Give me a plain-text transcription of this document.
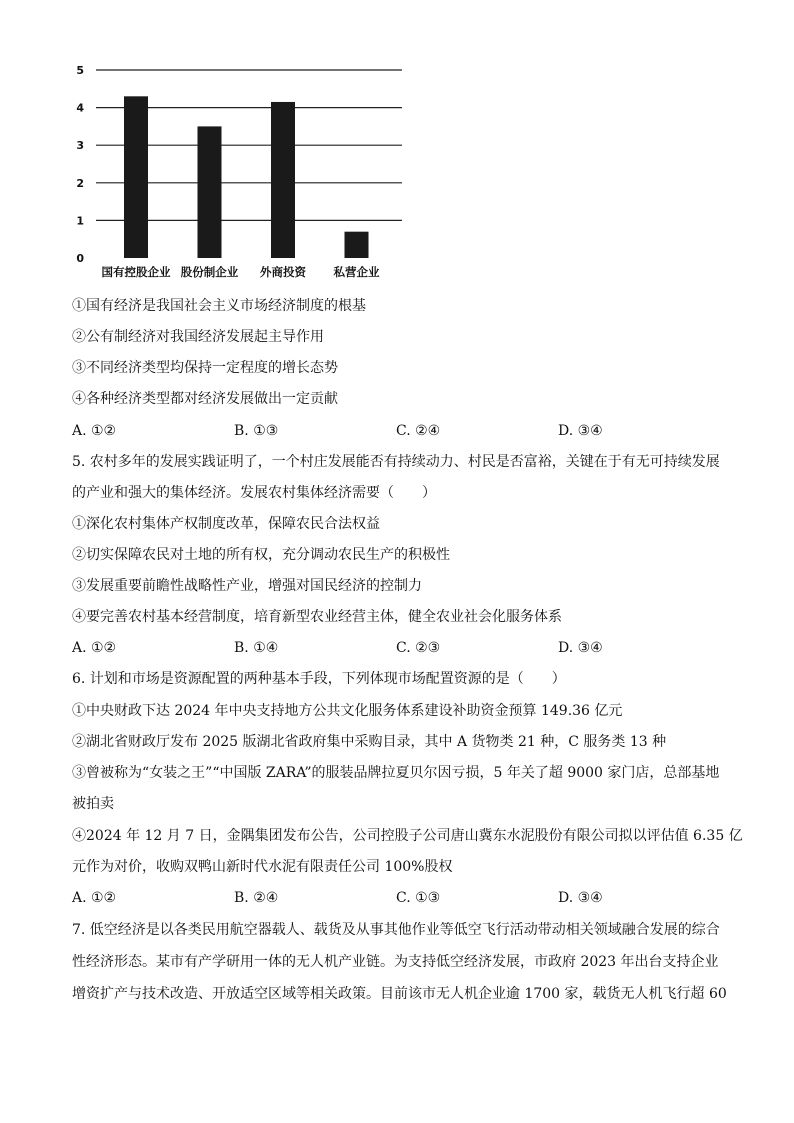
0
1
2
3
4
5
国有控股企业 股份制企业 外商投资 私营企业
①国有经济是我国社会主义市场经济制度的根基
②公有制经济对我国经济发展起主导作用
③不同经济类型均保持一定程度的增长态势
④各种经济类型都对经济发展做出一定贡献
A. ①②	B. ①③	C. ②④	D. ③④
5. 农村多年的发展实践证明了，一个村庄发展能否有持续动力、村民是否富裕，关键在于有无可持续发展
的产业和强大的集体经济。发展农村集体经济需要（　　）
①深化农村集体产权制度改革，保障农民合法权益
②切实保障农民对土地的所有权，充分调动农民生产的积极性
③发展重要前瞻性战略性产业，增强对国民经济的控制力
④要完善农村基本经营制度，培育新型农业经营主体，健全农业社会化服务体系
A. ①②	B. ①④	C. ②③	D. ③④
6. 计划和市场是资源配置的两种基本手段，下列体现市场配置资源的是（　　）
①中央财政下达 2024 年中央支持地方公共文化服务体系建设补助资金预算 149.36 亿元
②湖北省财政厅发布 2025 版湖北省政府集中采购目录，其中 A 货物类 21 种，C 服务类 13 种
③曾被称为“女装之王”“中国版 ZARA”的服装品牌拉夏贝尔因亏损，5 年关了超 9000 家门店，总部基地
被拍卖
④2024 年 12 月 7 日，金隅集团发布公告，公司控股子公司唐山冀东水泥股份有限公司拟以评估值 6.35 亿
元作为对价，收购双鸭山新时代水泥有限责任公司 100%股权
A. ①②	B. ②④	C. ①③	D. ③④
7. 低空经济是以各类民用航空器载人、载货及从事其他作业等低空飞行活动带动相关领域融合发展的综合
性经济形态。某市有产学研用一体的无人机产业链。为支持低空经济发展，市政府 2023 年出台支持企业
增资扩产与技术改造、开放适空区域等相关政策。目前该市无人机企业逾 1700 家，载货无人机飞行超 60
